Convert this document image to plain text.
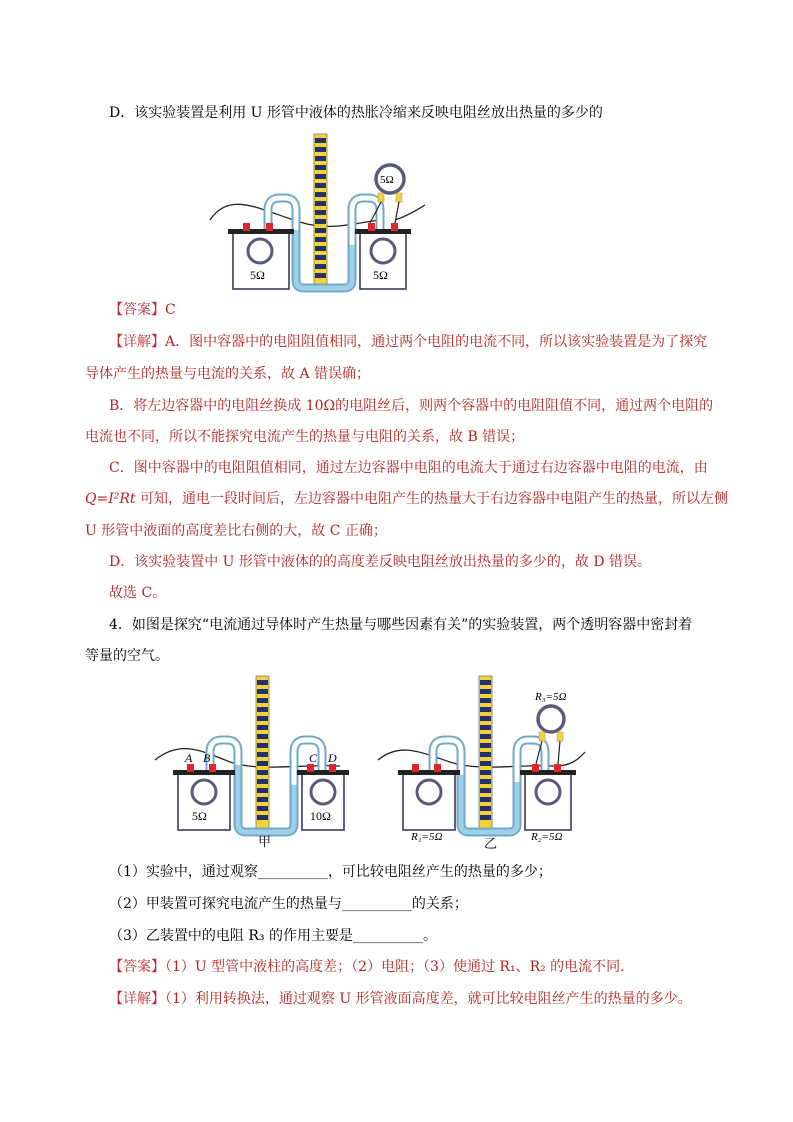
D．该实验装置是利用 U 形管中液体的热胀冷缩来反映电阻丝放出热量的多少的
5Ω	5Ω
5Ω
【答案】C
【详解】A．图中容器中的电阻阻值相同，通过两个电阻的电流不同，所以该实验装置是为了探究
导体产生的热量与电流的关系，故 A 错误确；
B．将左边容器中的电阻丝换成 10Ω的电阻丝后，则两个容器中的电阻阻值不同，通过两个电阻的
电流也不同，所以不能探究电流产生的热量与电阻的关系，故 B 错误；
C．图中容器中的电阻阻值相同，通过左边容器中电阻的电流大于通过右边容器中电阻的电流，由
Q=I²Rt 可知，通电一段时间后，左边容器中电阻产生的热量大于右边容器中电阻产生的热量，所以左侧
U 形管中液面的高度差比右侧的大，故 C 正确；
D．该实验装置中 U 形管中液体的的高度差反映电阻丝放出热量的多少的，故 D 错误。
故选 C。
4．如图是探究“电流通过导体时产生热量与哪些因素有关”的实验装置，两个透明容器中密封着
等量的空气。
A B
5Ω
C D
10Ω
甲	R₁=5Ω	R₂=5Ω
R₃=5Ω
乙
（1）实验中，通过观察__________，可比较电阻丝产生的热量的多少；
（2）甲装置可探究电流产生的热量与__________的关系；
（3）乙装置中的电阻 R₃ 的作用主要是__________。
【答案】（1）U 型管中液柱的高度差；（2）电阻；（3）使通过 R₁、R₂ 的电流不同.
【详解】（1）利用转换法，通过观察 U 形管液面高度差，就可比较电阻丝产生的热量的多少。
